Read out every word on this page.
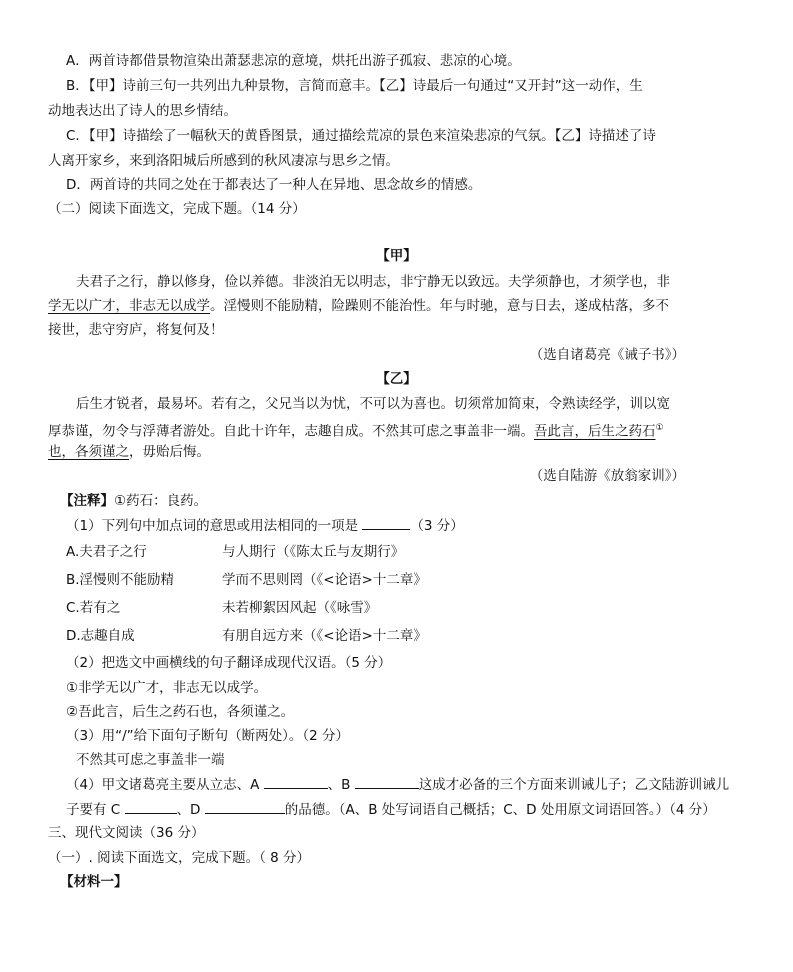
A．两首诗都借景物渲染出萧瑟悲凉的意境，烘托出游子孤寂、悲凉的心境。
B．【甲】诗前三句一共列出九种景物，言简而意丰。【乙】诗最后一句通过“又开封”这一动作，生
动地表达出了诗人的思乡情结。
C．【甲】诗描绘了一幅秋天的黄昏图景，通过描绘荒凉的景色来渲染悲凉的气氛。【乙】诗描述了诗
人离开家乡，来到洛阳城后所感到的秋风凄凉与思乡之情。
D．两首诗的共同之处在于都表达了一种人在异地、思念故乡的情感。
（二）阅读下面选文，完成下题。（14 分）
【甲】
夫君子之行，静以修身，俭以养德。非淡泊无以明志，非宁静无以致远。夫学须静也，才须学也，非
学无以广才，非志无以成学。淫慢则不能励精，险躁则不能治性。年与时驰，意与日去，遂成枯落，多不
接世，悲守穷庐，将复何及！
（选自诸葛亮《诫子书》）
【乙】
后生才锐者，最易坏。若有之，父兄当以为忧，不可以为喜也。切须常加简束，令熟读经学，训以宽
厚恭谨，勿令与浮薄者游处。自此十许年，志趣自成。不然其可虑之事盖非一端。吾此言，后生之药石①
也，各须谨之，毋贻后悔。
（选自陆游《放翁家训》）
【注释】①药石：良药。
（1）下列句中加点词的意思或用法相同的一项是	（3 分）
A.夫君子之行	与人期行（《陈太丘与友期行》
B.淫慢则不能励精	学而不思则罔（《<论语>十二章》
C.若有之	未若柳絮因风起（《咏雪》
D.志趣自成	有朋自远方来（《<论语>十二章》
（2）把选文中画横线的句子翻译成现代汉语。（5 分）
①非学无以广才，非志无以成学。
②吾此言，后生之药石也，各须谨之。
（3）用“/”给下面句子断句（断两处）。（2 分）
不然其可虑之事盖非一端
（4）甲文诸葛亮主要从立志、A	、B	这成才必备的三个方面来训诫儿子；乙文陆游训诫儿
子要有 C	、D	的品德。（A、B 处写词语自己概括；C、D 处用原文词语回答。）（4 分）
三、现代文阅读（36 分）
（一）. 阅读下面选文，完成下题。（ 8 分）
【材料一】
